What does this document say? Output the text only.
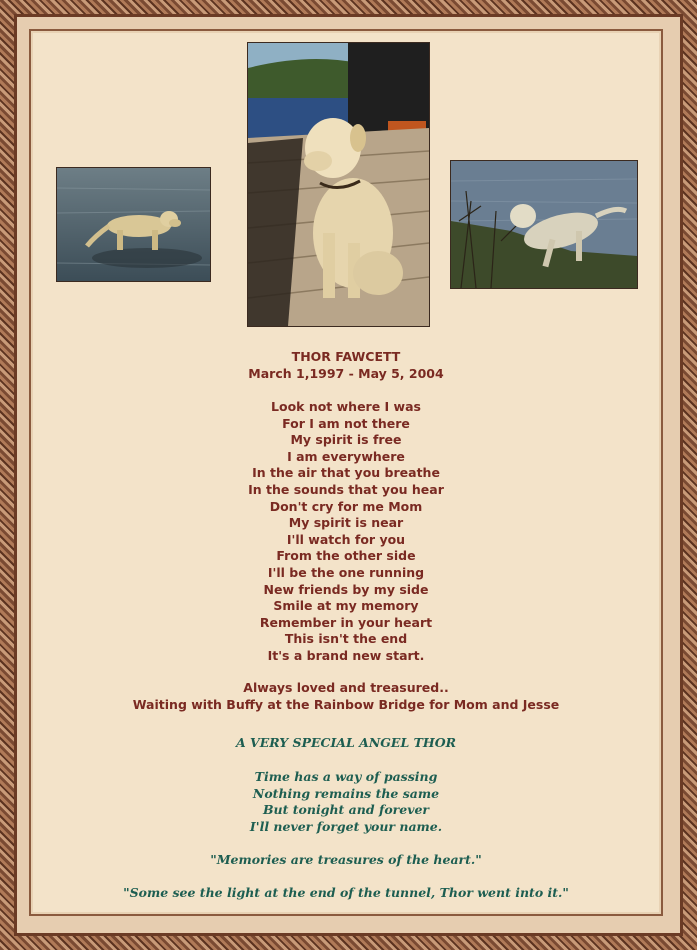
THOR FAWCETT
March 1,1997 - May 5, 2004
Look not where I was
For I am not there
My spirit is free
I am everywhere
In the air that you breathe
In the sounds that you hear
Don't cry for me Mom
My spirit is near
I'll watch for you
From the other side
I'll be the one running
New friends by my side
Smile at my memory
Remember in your heart
This isn't the end
It's a brand new start.
Always loved and treasured..
Waiting with Buffy at the Rainbow Bridge for Mom and Jesse
A VERY SPECIAL ANGEL THOR
Time has a way of passing
Nothing remains the same
But tonight and forever
I'll never forget your name.
"Memories are treasures of the heart."
"Some see the light at the end of the tunnel, Thor went into it."
